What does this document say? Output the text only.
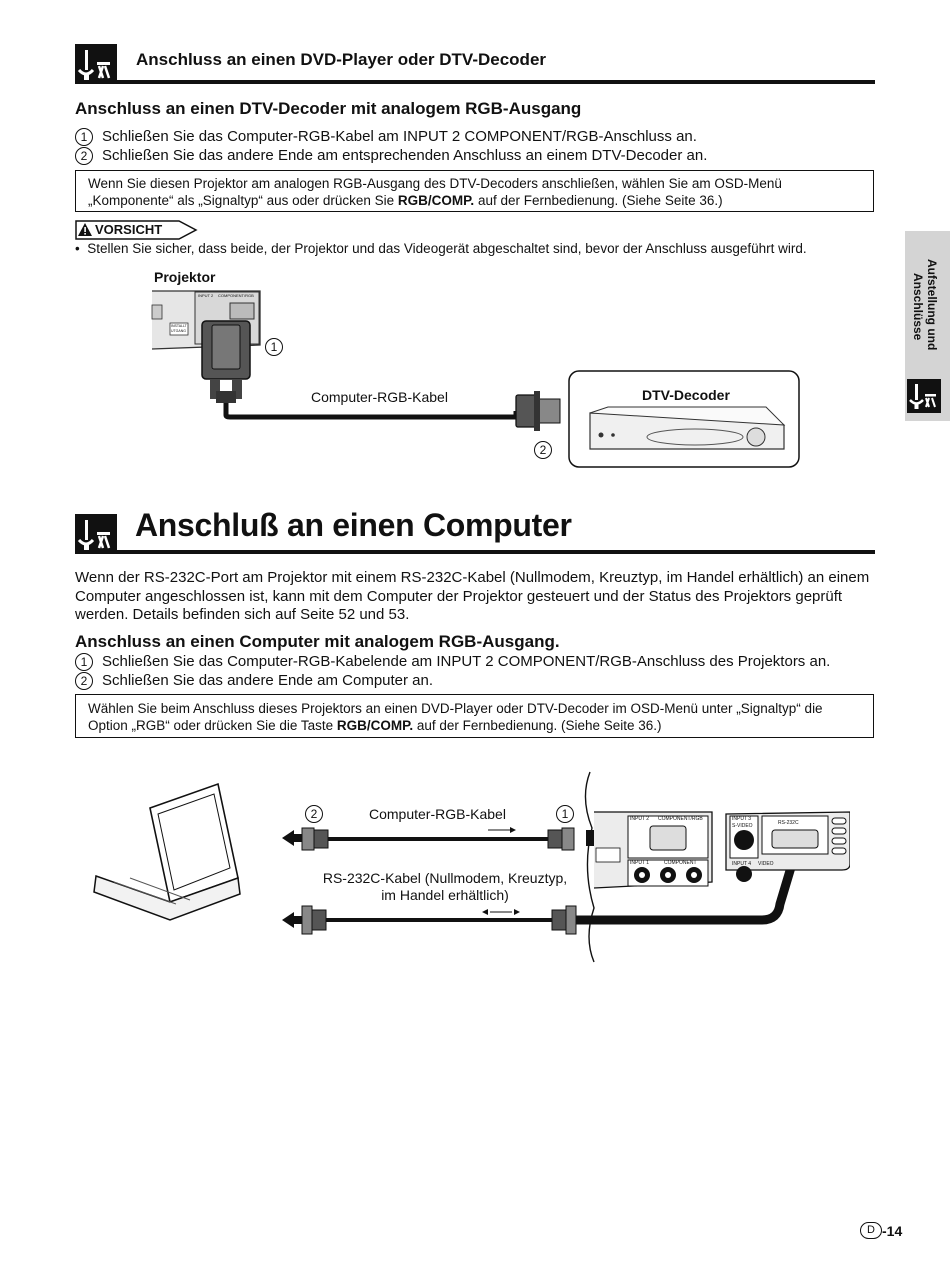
Anschluss an einen DVD-Player oder DTV-Decoder
Anschluss an einen DTV-Decoder mit analogem RGB-Ausgang
1 Schließen Sie das Computer-RGB-Kabel am INPUT 2 COMPONENT/RGB-Anschluss an.
2 Schließen Sie das andere Ende am entsprechenden Anschluss an einem DTV-Decoder an.
Wenn Sie diesen Projektor am analogen RGB-Ausgang des DTV-Decoders anschließen, wählen Sie am OSD-Menü „Komponente“ als „Signaltyp“ aus oder drücken Sie RGB/COMP. auf der Fernbedienung. (Siehe Seite 36.)
VORSICHT
•  Stellen Sie sicher, dass beide, der Projektor und das Videogerät abgeschaltet sind, bevor der Anschluss ausgeführt wird.
Projektor
1
Computer-RGB-Kabel
2
DTV-Decoder
INPUT 2 COMPONENT/RGB
INSTALLT
UTGANG
Anschluß an einen Computer
Wenn der RS-232C-Port am Projektor mit einem RS-232C-Kabel (Nullmodem, Kreuztyp, im Handel erhältlich) an einem Computer angeschlossen ist, kann mit dem Computer der Projektor gesteuert und der Status des Projektors geprüft werden. Details befinden sich auf Seite 52 und 53.
Anschluss an einen Computer mit analogem RGB-Ausgang.
1 Schließen Sie das Computer-RGB-Kabelende am INPUT 2 COMPONENT/RGB-Anschluss des Projektors an.
2 Schließen Sie das andere Ende am Computer an.
Wählen Sie beim Anschluss dieses Projektors an einen DVD-Player oder DTV-Decoder im OSD-Menü unter „Signaltyp“ die Option „RGB“ oder drücken Sie die Taste RGB/COMP. auf der Fernbedienung. (Siehe Seite 36.)
2	1
Computer-RGB-Kabel
RS-232C-Kabel (Nullmodem, Kreuztyp,
im Handel erhältlich)
INPUT 2 COMPONENT/RGB
INPUT 1	COMPONENT
INPUT 3
S-VIDEO	RS-232C
INPUT 4 VIDEO
Aufstellung und
Anschlüsse
D -14
